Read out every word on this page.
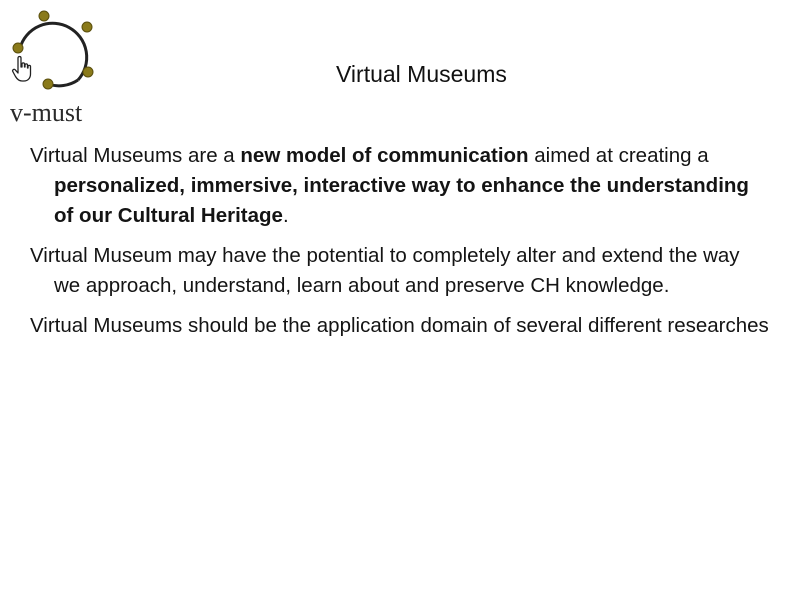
v-must
Virtual Museums

Virtual Museums are a new model of communication aimed at creating a personalized, immersive, interactive way to enhance the understanding of our Cultural Heritage.

Virtual Museum may have the potential to completely alter and extend the way we approach, understand, learn about and preserve CH knowledge.

Virtual Museums should be the application domain of several different researches
